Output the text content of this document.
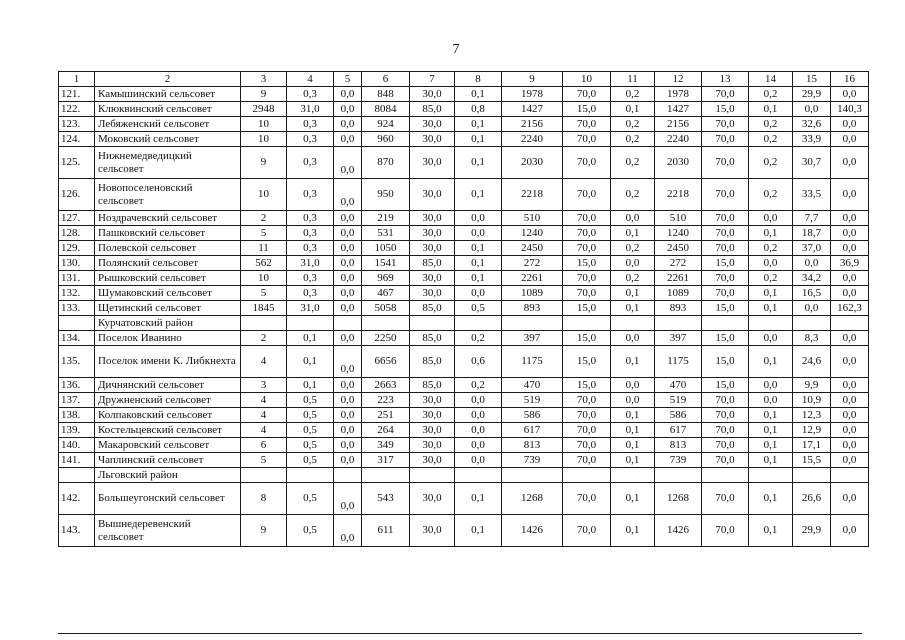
7
1	2	3	4	5	6	7	8	9	10	11	12	13	14	15	16
121.	Камышинский сельсовет	9	0,3	0,0	848	30,0	0,1	1978	70,0	0,2	1978	70,0	0,2	29,9	0,0
122.	Клюквинский сельсовет	2948	31,0	0,0	8084	85,0	0,8	1427	15,0	0,1	1427	15,0	0,1	0,0	140,3
123.	Лебяженский сельсовет	10	0,3	0,0	924	30,0	0,1	2156	70,0	0,2	2156	70,0	0,2	32,6	0,0
124.	Моковский сельсовет	10	0,3	0,0	960	30,0	0,1	2240	70,0	0,2	2240	70,0	0,2	33,9	0,0
125.	Нижнемедведицкий сельсовет	9	0,3	0,0	870	30,0	0,1	2030	70,0	0,2	2030	70,0	0,2	30,7	0,0
126.	Новопоселеновский сельсовет	10	0,3	0,0	950	30,0	0,1	2218	70,0	0,2	2218	70,0	0,2	33,5	0,0
127.	Ноздрачевский сельсовет	2	0,3	0,0	219	30,0	0,0	510	70,0	0,0	510	70,0	0,0	7,7	0,0
128.	Пашковский сельсовет	5	0,3	0,0	531	30,0	0,0	1240	70,0	0,1	1240	70,0	0,1	18,7	0,0
129.	Полевской сельсовет	11	0,3	0,0	1050	30,0	0,1	2450	70,0	0,2	2450	70,0	0,2	37,0	0,0
130.	Полянский сельсовет	562	31,0	0,0	1541	85,0	0,1	272	15,0	0,0	272	15,0	0,0	0,0	36,9
131.	Рышковский сельсовет	10	0,3	0,0	969	30,0	0,1	2261	70,0	0,2	2261	70,0	0,2	34,2	0,0
132.	Шумаковский сельсовет	5	0,3	0,0	467	30,0	0,0	1089	70,0	0,1	1089	70,0	0,1	16,5	0,0
133.	Щетинский сельсовет	1845	31,0	0,0	5058	85,0	0,5	893	15,0	0,1	893	15,0	0,1	0,0	162,3
	Курчатовский район														
134.	Поселок Иванино	2	0,1	0,0	2250	85,0	0,2	397	15,0	0,0	397	15,0	0,0	8,3	0,0
135.	Поселок имени К. Либкнехта	4	0,1	0,0	6656	85,0	0,6	1175	15,0	0,1	1175	15,0	0,1	24,6	0,0
136.	Дичнянский сельсовет	3	0,1	0,0	2663	85,0	0,2	470	15,0	0,0	470	15,0	0,0	9,9	0,0
137.	Дружненский сельсовет	4	0,5	0,0	223	30,0	0,0	519	70,0	0,0	519	70,0	0,0	10,9	0,0
138.	Колпаковский сельсовет	4	0,5	0,0	251	30,0	0,0	586	70,0	0,1	586	70,0	0,1	12,3	0,0
139.	Костельцевский сельсовет	4	0,5	0,0	264	30,0	0,0	617	70,0	0,1	617	70,0	0,1	12,9	0,0
140.	Макаровский сельсовет	6	0,5	0,0	349	30,0	0,0	813	70,0	0,1	813	70,0	0,1	17,1	0,0
141.	Чаплинский сельсовет	5	0,5	0,0	317	30,0	0,0	739	70,0	0,1	739	70,0	0,1	15,5	0,0
	Льговский район														
142.	Большеугонский сельсовет	8	0,5	0,0	543	30,0	0,1	1268	70,0	0,1	1268	70,0	0,1	26,6	0,0
143.	Вышнедеревенский сельсовет	9	0,5	0,0	611	30,0	0,1	1426	70,0	0,1	1426	70,0	0,1	29,9	0,0
